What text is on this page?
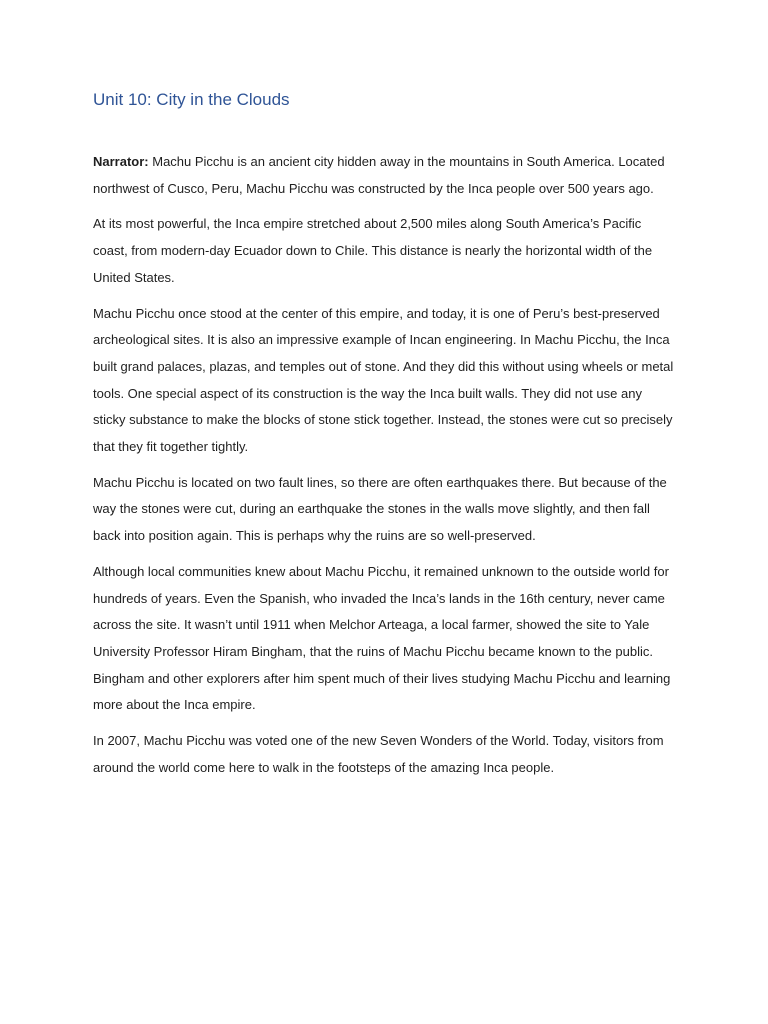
Unit 10: City in the Clouds

Narrator: Machu Picchu is an ancient city hidden away in the mountains in South America. Located northwest of Cusco, Peru, Machu Picchu was constructed by the Inca people over 500 years ago.

At its most powerful, the Inca empire stretched about 2,500 miles along South America’s Pacific coast, from modern-day Ecuador down to Chile. This distance is nearly the horizontal width of the United States.

Machu Picchu once stood at the center of this empire, and today, it is one of Peru’s best-preserved archeological sites. It is also an impressive example of Incan engineering. In Machu Picchu, the Inca built grand palaces, plazas, and temples out of stone. And they did this without using wheels or metal tools. One special aspect of its construction is the way the Inca built walls. They did not use any sticky substance to make the blocks of stone stick together. Instead, the stones were cut so precisely that they fit together tightly.

Machu Picchu is located on two fault lines, so there are often earthquakes there. But because of the way the stones were cut, during an earthquake the stones in the walls move slightly, and then fall back into position again. This is perhaps why the ruins are so well-preserved.

Although local communities knew about Machu Picchu, it remained unknown to the outside world for hundreds of years. Even the Spanish, who invaded the Inca’s lands in the 16th century, never came across the site. It wasn’t until 1911 when Melchor Arteaga, a local farmer, showed the site to Yale University Professor Hiram Bingham, that the ruins of Machu Picchu became known to the public. Bingham and other explorers after him spent much of their lives studying Machu Picchu and learning more about the Inca empire.

In 2007, Machu Picchu was voted one of the new Seven Wonders of the World. Today, visitors from around the world come here to walk in the footsteps of the amazing Inca people.
